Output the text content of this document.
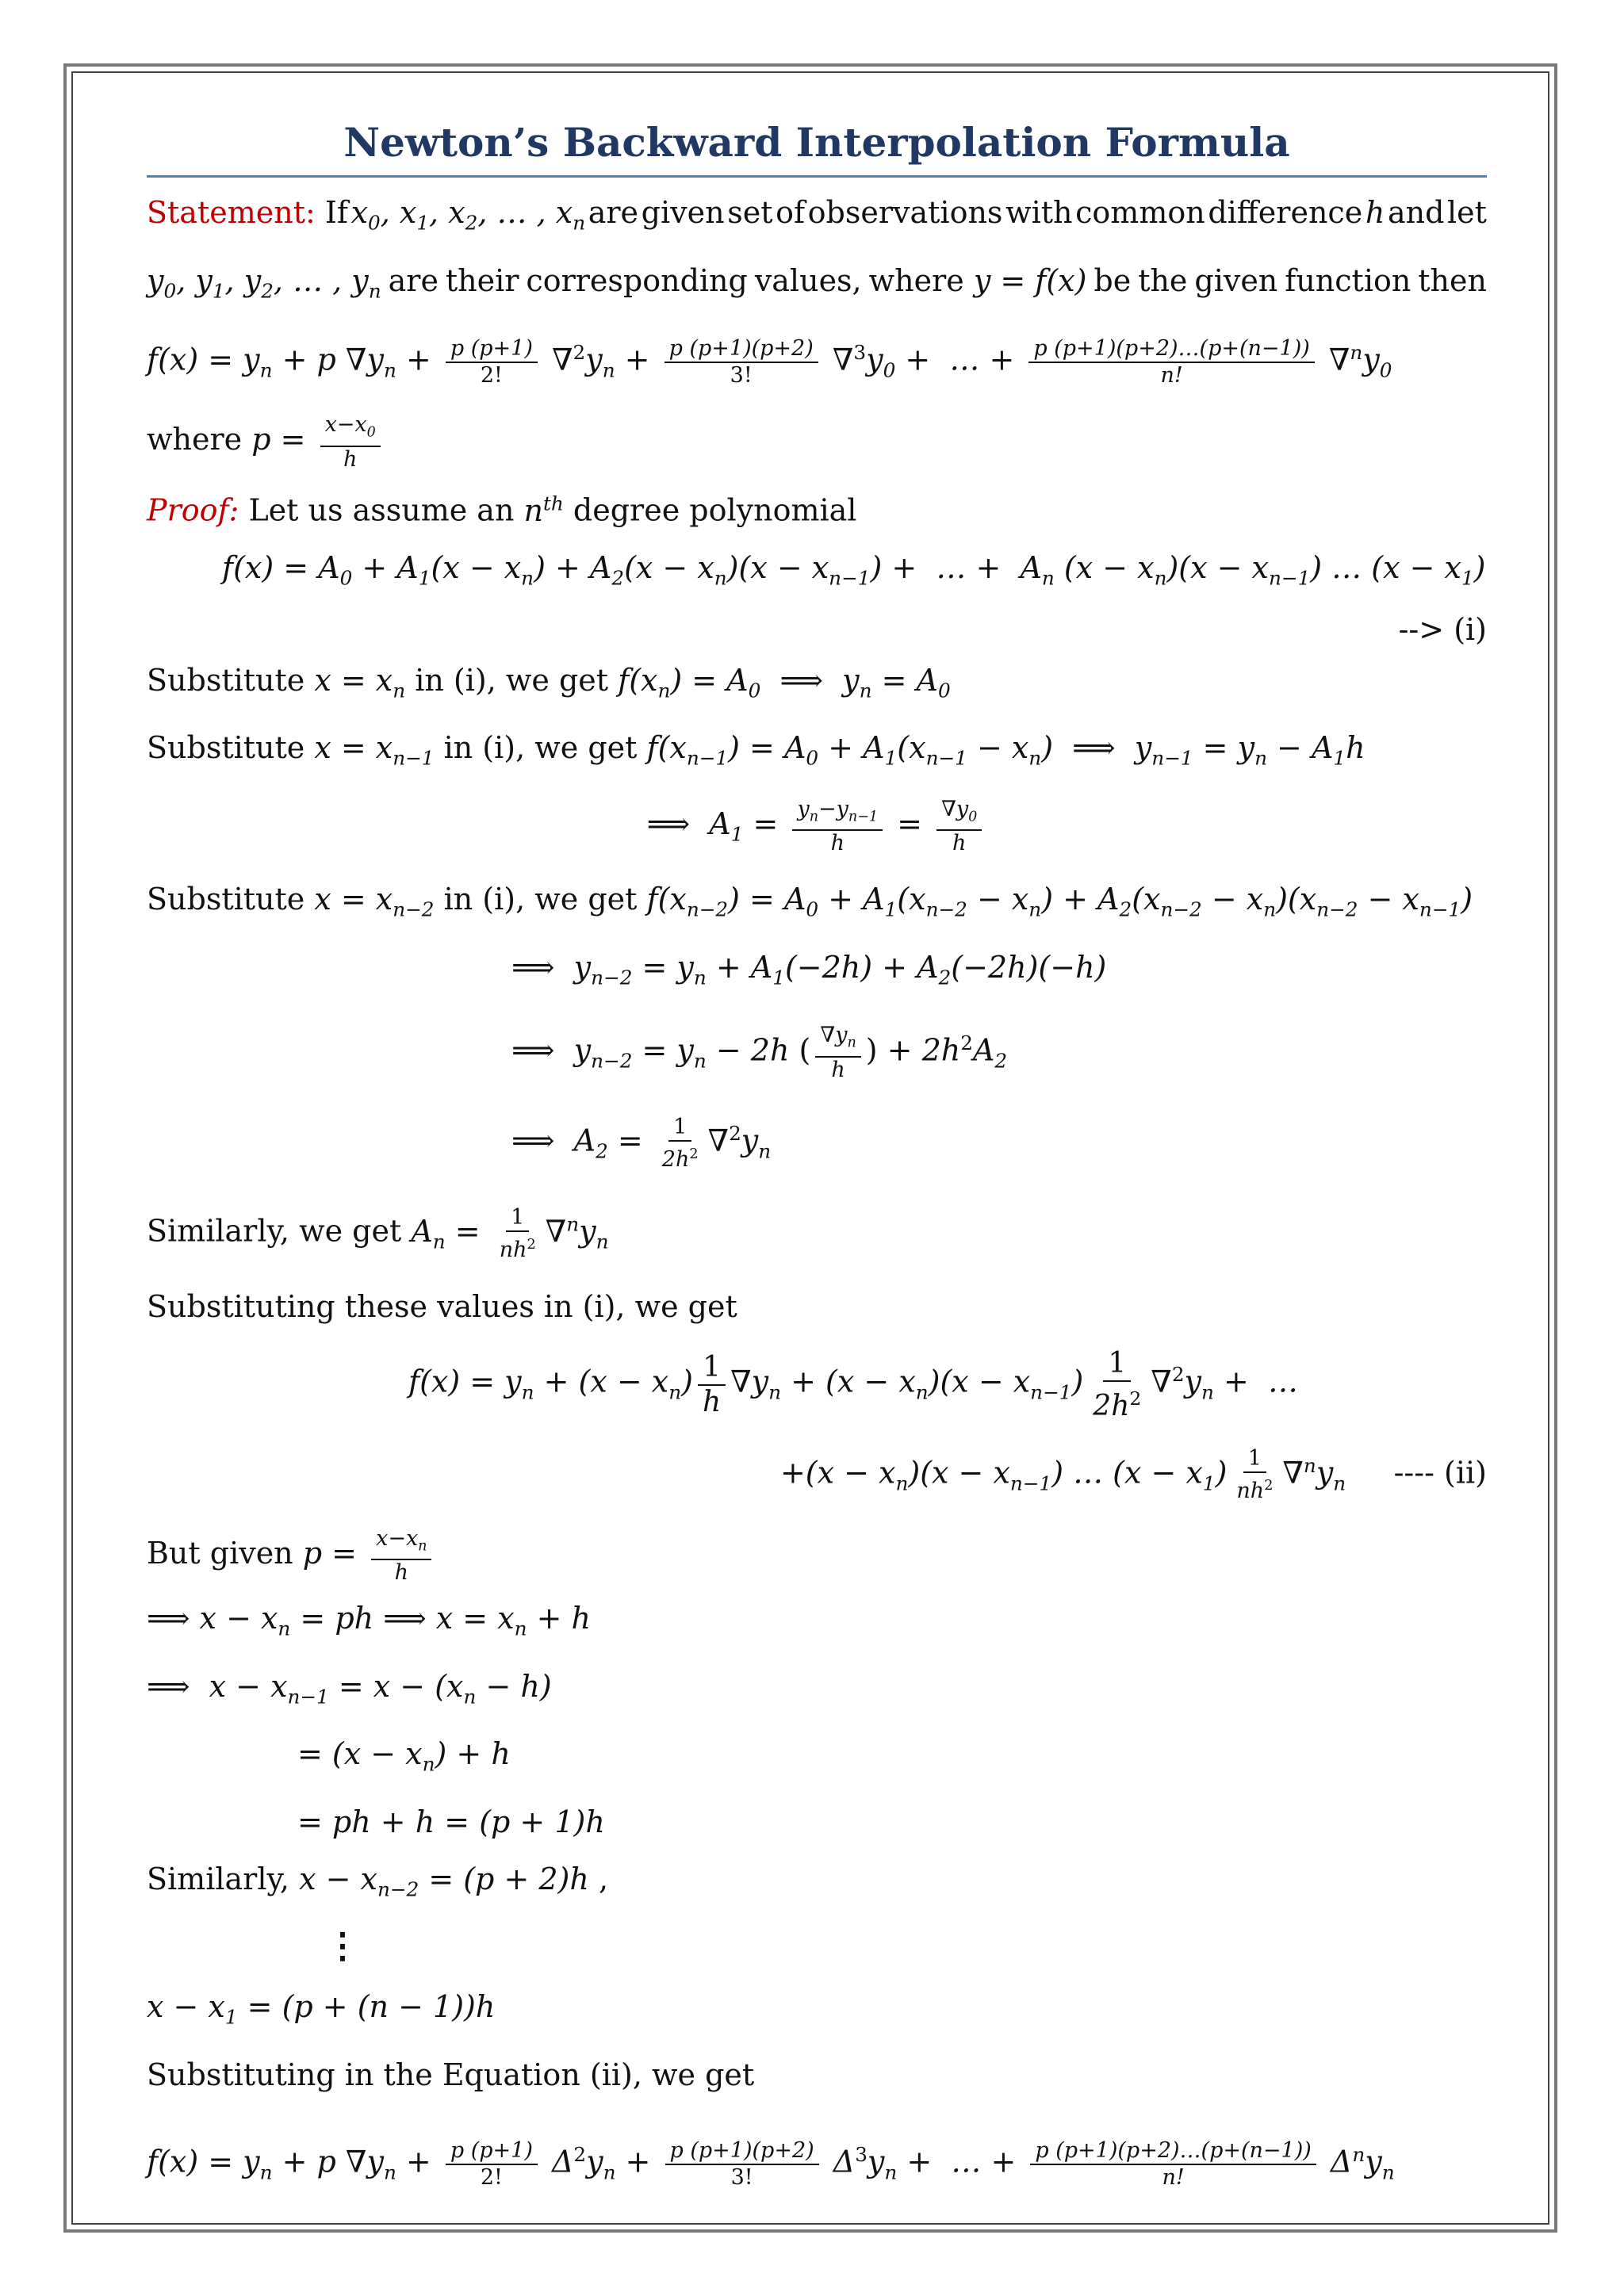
Newton’s Backward Interpolation Formula
Statement: If $x_0$, $x_1$, $x_2$, … , $x_n$ are given set of observations with common difference h and let
$y_0$, $y_1$, $y_2$, … , $y_n$ are their corresponding values, where y = f(x) be the given function then
$f(x) = y_n + p$ $\nabla y_n + \frac{p (p+1)}{2!} \nabla^2y_n + \frac{p (p+1)(p+2)}{3!} \nabla^3y_0$ +  … + $\frac{p (p+1)(p+2)\dots(p+(n-1))}{n!} \nabla^ny_0$
where $p = \frac{x-x_0}{h}$
Proof: Let us assume an $n^{th}$ degree polynomial
$f(x) = A_0 + A_1(x - x_n) + A_2(x - x_n)(x - x_{n-1})$ +  … +  $A_n$ $(x - x_n)(x - x_{n-1})$ … $(x - x_1)$
--> (i)
Substitute $x = x_n$ in (i), we get $f(x_n) = A_0$  ⟹  $y_n = A_0$
Substitute $x = x_{n-1}$ in (i), we get $f(x_{n-1}) = A_0 + A_1(x_{n-1} - x_n)$  ⟹  $y_{n-1} = y_n - A_1h$
⟹  $A_1 = \frac{y_n-y_{n-1}}{h} = \frac{\nabla y_0}{h}$
Substitute $x = x_{n-2}$ in (i), we get $f(x_{n-2}) = A_0 + A_1(x_{n-2} - x_n) + A_2(x_{n-2} - x_n)(x_{n-2} - x_{n-1})$
⟹  $y_{n-2} = y_n + A_1(-2h) + A_2(-2h)(-h)$
⟹  $y_{n-2} = y_n - 2h$ ( $\frac{\nabla y_n}{h}$ ) + $2h^2A_2$
⟹  $A_2 = \frac{1}{2h^2} \nabla^2y_n$
Similarly, we get $A_n = \frac{1}{nh^2} \nabla^ny_n$
Substituting these values in (i), we get
$f(x) = y_n + (x - x_n) \frac{1}{h} \nabla y_n + (x - x_n)(x - x_{n-1}) \frac{1}{2h^2} \nabla^2y_n$ +  …
$+(x - x_n)(x - x_{n-1})$ … $(x - x_1) \frac{1}{nh^2} \nabla^ny_n$ ---- (ii)
But given $p = \frac{x-x_n}{h}$
⟹ $x - x_n$ = ph ⟹ $x = x_n + h$
⟹  $x - x_{n-1} = x - (x_n - h)$
= $(x - x_n) + h$
= ph + h = (p + 1)h
Similarly, $x - x_{n-2} = (p + 2)h$ ,
⋮
$x - x_1 = (p + (n - 1))h$
Substituting in the Equation (ii), we get
$f(x) = y_n + p$ $\nabla y_n + \frac{p (p+1)}{2!} \Delta^2y_n + \frac{p (p+1)(p+2)}{3!} \Delta^3y_n$ +  … + $\frac{p (p+1)(p+2)\dots(p+(n-1))}{n!} \Delta^ny_n$
